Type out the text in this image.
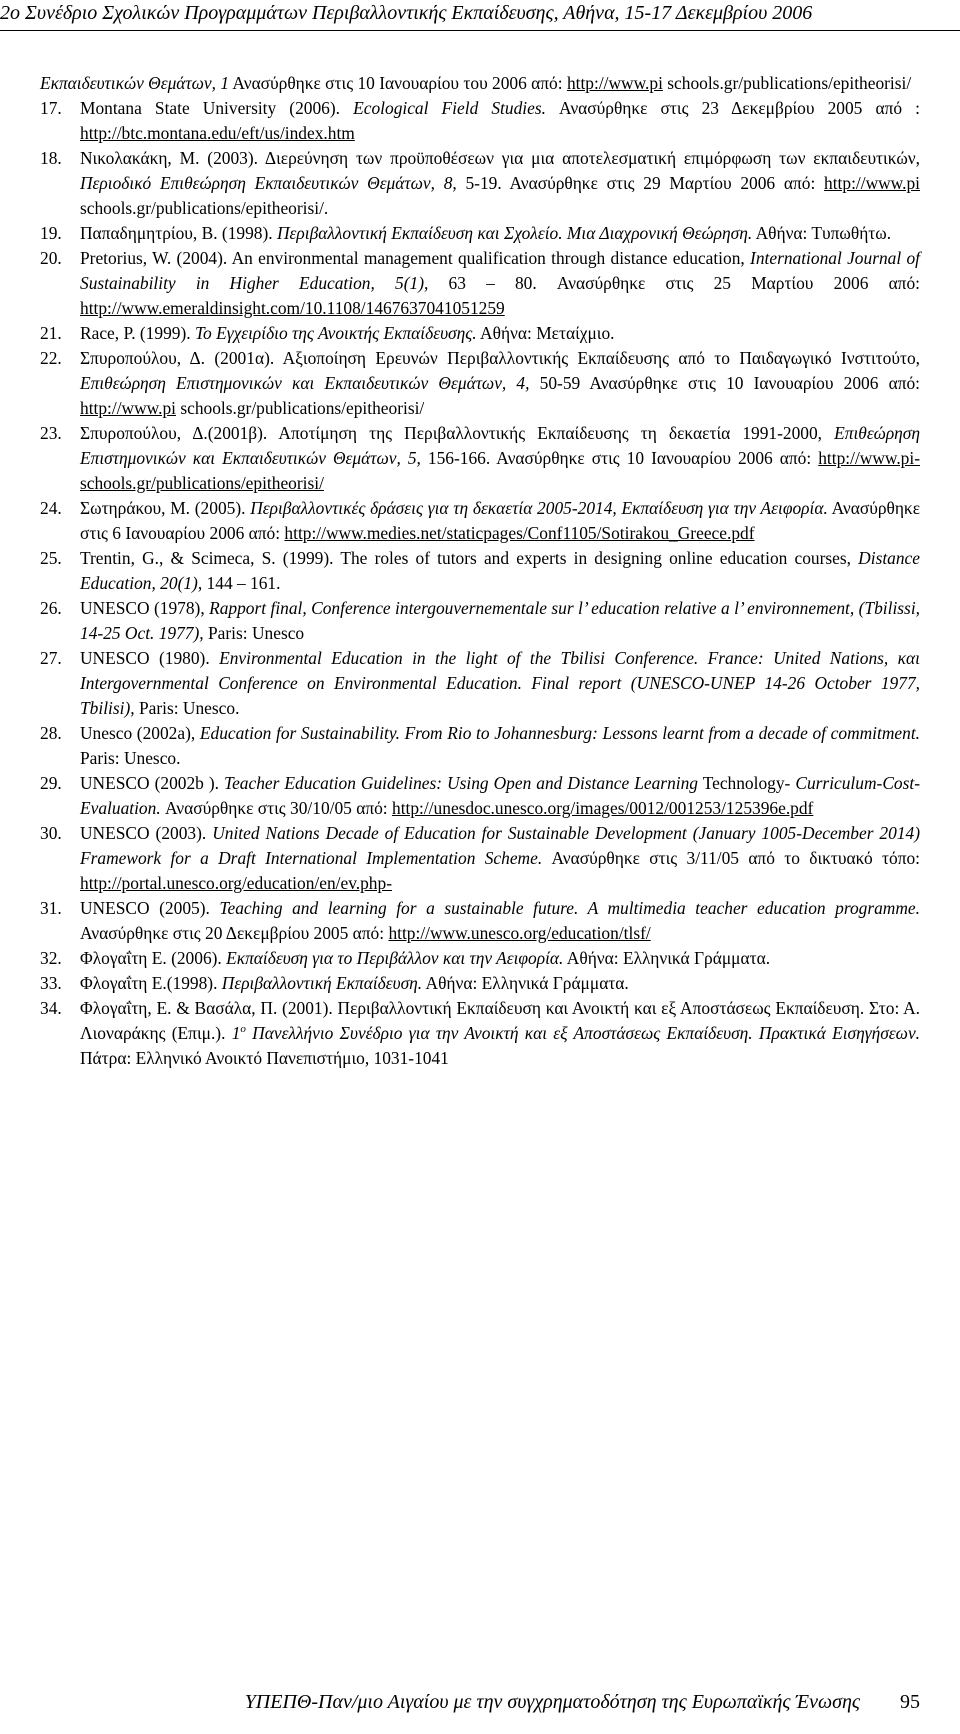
2ο Συνέδριο Σχολικών Προγραμμάτων Περιβαλλοντικής Εκπαίδευσης, Αθήνα, 15-17 Δεκεμβρίου 2006
Εκπαιδευτικών Θεμάτων, 1 Ανασύρθηκε στις 10 Ιανουαρίου του 2006 από: http://www.pi schools.gr/publications/epitheorisi/
17.	Montana State University (2006). Ecological Field Studies. Ανασύρθηκε στις 23 Δεκεμβρίου 2005 από : http://btc.montana.edu/eft/us/index.htm
18.	Νικολακάκη, Μ. (2003). Διερεύνηση των προϋποθέσεων για μια αποτελεσματική επιμόρφωση των εκπαιδευτικών, Περιοδικό Επιθεώρηση Εκπαιδευτικών Θεμάτων, 8, 5-19. Ανασύρθηκε στις 29 Μαρτίου 2006 από: http://www.pi schools.gr/publications/epitheorisi/.
19.	Παπαδημητρίου, Β. (1998). Περιβαλλοντική Εκπαίδευση και Σχολείο. Μια Διαχρονική Θεώρηση. Αθήνα: Τυπωθήτω.
20.	Pretorius, W. (2004). An environmental management qualification through distance education, International Journal of Sustainability in Higher Education, 5(1), 63 – 80. Ανασύρθηκε στις 25 Μαρτίου 2006 από: http://www.emeraldinsight.com/10.1108/1467637041051259
21.	Race, P. (1999). Το Εγχειρίδιο της Ανοικτής Εκπαίδευσης. Αθήνα: Μεταίχμιο.
22.	Σπυροπούλου, Δ. (2001α). Αξιοποίηση Ερευνών Περιβαλλοντικής Εκπαίδευσης από το Παιδαγωγικό Ινστιτούτο, Επιθεώρηση Επιστημονικών και Εκπαιδευτικών Θεμάτων, 4, 50-59 Ανασύρθηκε στις 10 Ιανουαρίου 2006 από: http://www.pi schools.gr/publications/epitheorisi/
23.	Σπυροπούλου, Δ.(2001β). Αποτίμηση της Περιβαλλοντικής Εκπαίδευσης τη δεκαετία 1991-2000, Επιθεώρηση Επιστημονικών και Εκπαιδευτικών Θεμάτων, 5, 156-166. Ανασύρθηκε στις 10 Ιανουαρίου 2006 από: http://www.pi-schools.gr/publications/epitheorisi/
24.	Σωτηράκου, Μ. (2005). Περιβαλλοντικές δράσεις για τη δεκαετία 2005-2014, Εκπαίδευση για την Αειφορία. Ανασύρθηκε στις 6 Ιανουαρίου 2006 από: http://www.medies.net/staticpages/Conf1105/Sotirakou_Greece.pdf
25.	Trentin, G., & Scimeca, S. (1999). The roles of tutors and experts in designing online education courses, Distance Education, 20(1), 144 – 161.
26.	UNESCO (1978), Rapport final, Conference intergouvernementale sur l’ education relative a l’ environnement, (Tbilissi, 14-25 Oct. 1977), Paris: Unesco
27.	UNESCO (1980). Environmental Education in the light of the Tbilisi Conference. France: United Nations, και Intergovernmental Conference on Environmental Education. Final report (UNESCO-UNEP 14-26 October 1977, Tbilisi), Paris: Unesco.
28.	Unesco (2002a), Education for Sustainability. From Rio to Johannesburg: Lessons learnt from a decade of commitment. Paris: Unesco.
29.	UNESCO (2002b ). Teacher Education Guidelines: Using Open and Distance Learning Technology- Curriculum-Cost-Evaluation. Ανασύρθηκε στις 30/10/05 από: http://unesdoc.unesco.org/images/0012/001253/125396e.pdf
30.	UNESCO (2003). United Nations Decade of Education for Sustainable Development (January 1005-December 2014) Framework for a Draft International Implementation Scheme. Ανασύρθηκε στις 3/11/05 από το δικτυακό τόπο: http://portal.unesco.org/education/en/ev.php-
31.	UNESCO (2005). Teaching and learning for a sustainable future. A multimedia teacher education programme. Ανασύρθηκε στις 20 Δεκεμβρίου 2005 από: http://www.unesco.org/education/tlsf/
32.	Φλογαΐτη Ε. (2006). Εκπαίδευση για το Περιβάλλον και την Αειφορία. Αθήνα: Ελληνικά Γράμματα.
33.	Φλογαΐτη Ε.(1998). Περιβαλλοντική Εκπαίδευση. Αθήνα: Ελληνικά Γράμματα.
34.	Φλογαΐτη, Ε. & Βασάλα, Π. (2001). Περιβαλλοντική Εκπαίδευση και Ανοικτή και εξ Αποστάσεως Εκπαίδευση. Στο: Α. Λιοναράκης (Επιμ.). $1^o$ Πανελλήνιο Συνέδριο για την Ανοικτή και εξ Αποστάσεως Εκπαίδευση. Πρακτικά Εισηγήσεων. Πάτρα: Ελληνικό Ανοικτό Πανεπιστήμιο, 1031-1041
ΥΠΕΠΘ-Παν/μιο Αιγαίου με την συγχρηματοδότηση της Ευρωπαϊκής Ένωσης 95
